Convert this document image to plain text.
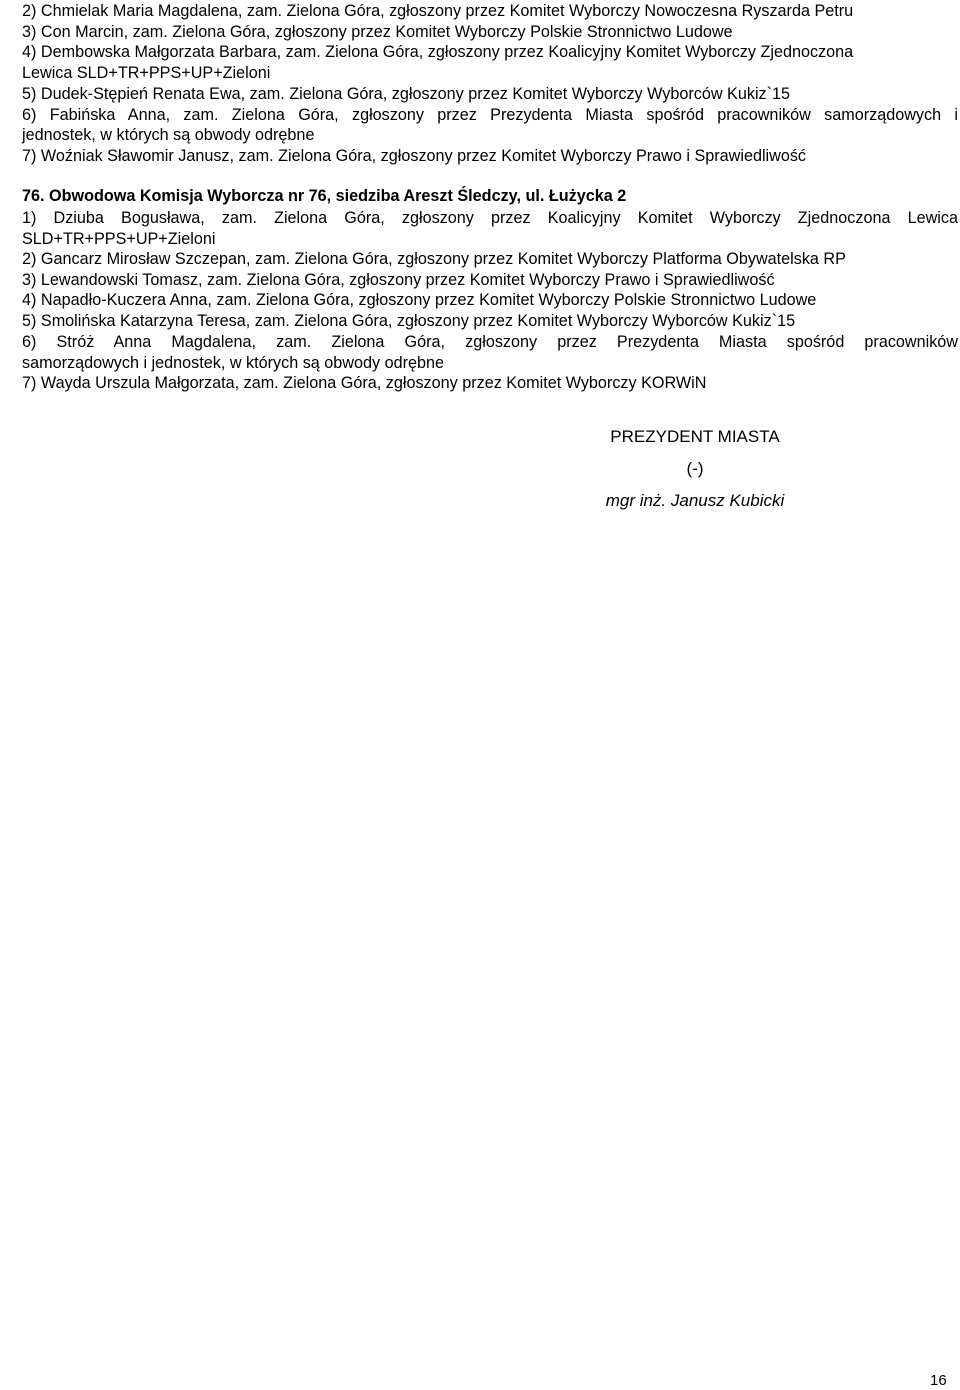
2) Chmielak Maria Magdalena, zam. Zielona Góra, zgłoszony przez Komitet Wyborczy Nowoczesna Ryszarda Petru
3) Con Marcin, zam. Zielona Góra, zgłoszony przez Komitet Wyborczy Polskie Stronnictwo Ludowe
4) Dembowska Małgorzata Barbara, zam. Zielona Góra, zgłoszony przez Koalicyjny Komitet Wyborczy Zjednoczona
Lewica SLD+TR+PPS+UP+Zieloni
5) Dudek-Stępień Renata Ewa, zam. Zielona Góra, zgłoszony przez Komitet Wyborczy Wyborców Kukiz`15
6) Fabińska Anna, zam. Zielona Góra, zgłoszony przez Prezydenta Miasta spośród pracowników samorządowych i
jednostek, w których są obwody odrębne
7) Woźniak Sławomir Janusz, zam. Zielona Góra, zgłoszony przez Komitet Wyborczy Prawo i Sprawiedliwość
76. Obwodowa Komisja Wyborcza nr 76, siedziba Areszt Śledczy, ul. Łużycka 2
1) Dziuba Bogusława, zam. Zielona Góra, zgłoszony przez Koalicyjny Komitet Wyborczy Zjednoczona Lewica
SLD+TR+PPS+UP+Zieloni
2) Gancarz Mirosław Szczepan, zam. Zielona Góra, zgłoszony przez Komitet Wyborczy Platforma Obywatelska RP
3) Lewandowski Tomasz, zam. Zielona Góra, zgłoszony przez Komitet Wyborczy Prawo i Sprawiedliwość
4) Napadło-Kuczera Anna, zam. Zielona Góra, zgłoszony przez Komitet Wyborczy Polskie Stronnictwo Ludowe
5) Smolińska Katarzyna Teresa, zam. Zielona Góra, zgłoszony przez Komitet Wyborczy Wyborców Kukiz`15
6) Stróż Anna Magdalena, zam. Zielona Góra, zgłoszony przez Prezydenta Miasta spośród pracowników
samorządowych i jednostek, w których są obwody odrębne
7) Wayda Urszula Małgorzata, zam. Zielona Góra, zgłoszony przez Komitet Wyborczy KORWiN
PREZYDENT MIASTA
(-)
mgr inż. Janusz Kubicki
16
